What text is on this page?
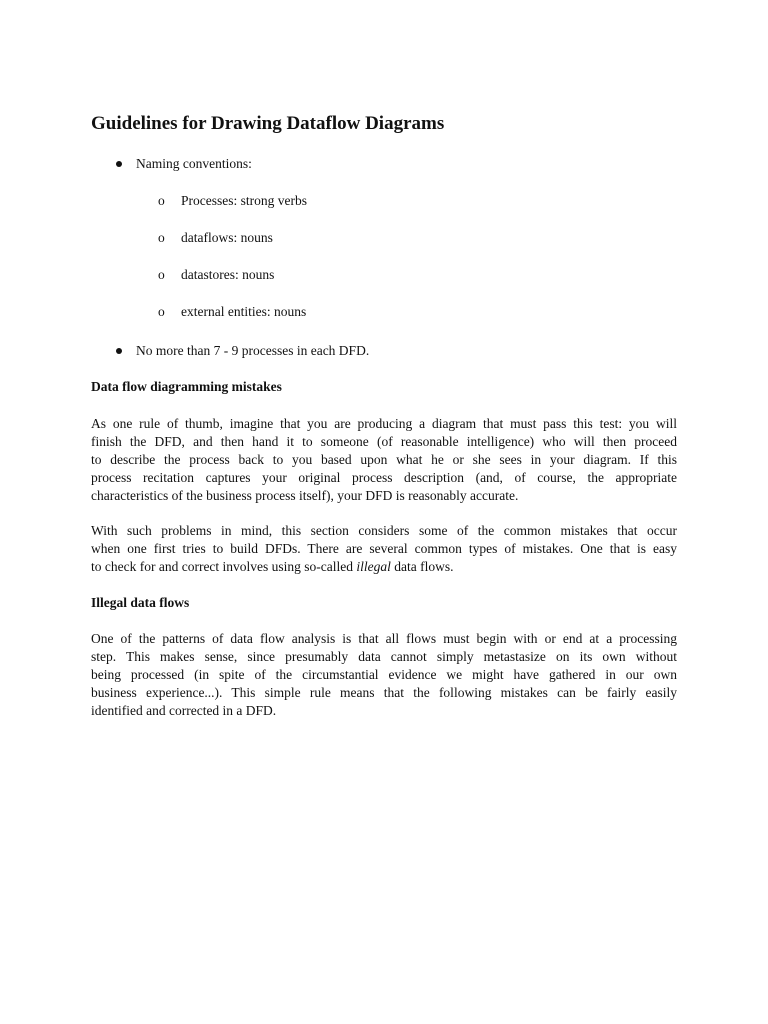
Guidelines for Drawing Dataflow Diagrams
Naming conventions:
o Processes: strong verbs
o dataflows: nouns
o datastores: nouns
o external entities: nouns
No more than 7 - 9 processes in each DFD.
Data flow diagramming mistakes
As one rule of thumb, imagine that you are producing a diagram that must pass this test: you will
finish the DFD, and then hand it to someone (of reasonable intelligence) who will then proceed
to describe the process back to you based upon what he or she sees in your diagram. If this
process recitation captures your original process description (and, of course, the appropriate
characteristics of the business process itself), your DFD is reasonably accurate.
With such problems in mind, this section considers some of the common mistakes that occur
when one first tries to build DFDs. There are several common types of mistakes. One that is easy
to check for and correct involves using so-called illegal data flows.
Illegal data flows
One of the patterns of data flow analysis is that all flows must begin with or end at a processing
step. This makes sense, since presumably data cannot simply metastasize on its own without
being processed (in spite of the circumstantial evidence we might have gathered in our own
business experience...). This simple rule means that the following mistakes can be fairly easily
identified and corrected in a DFD.
